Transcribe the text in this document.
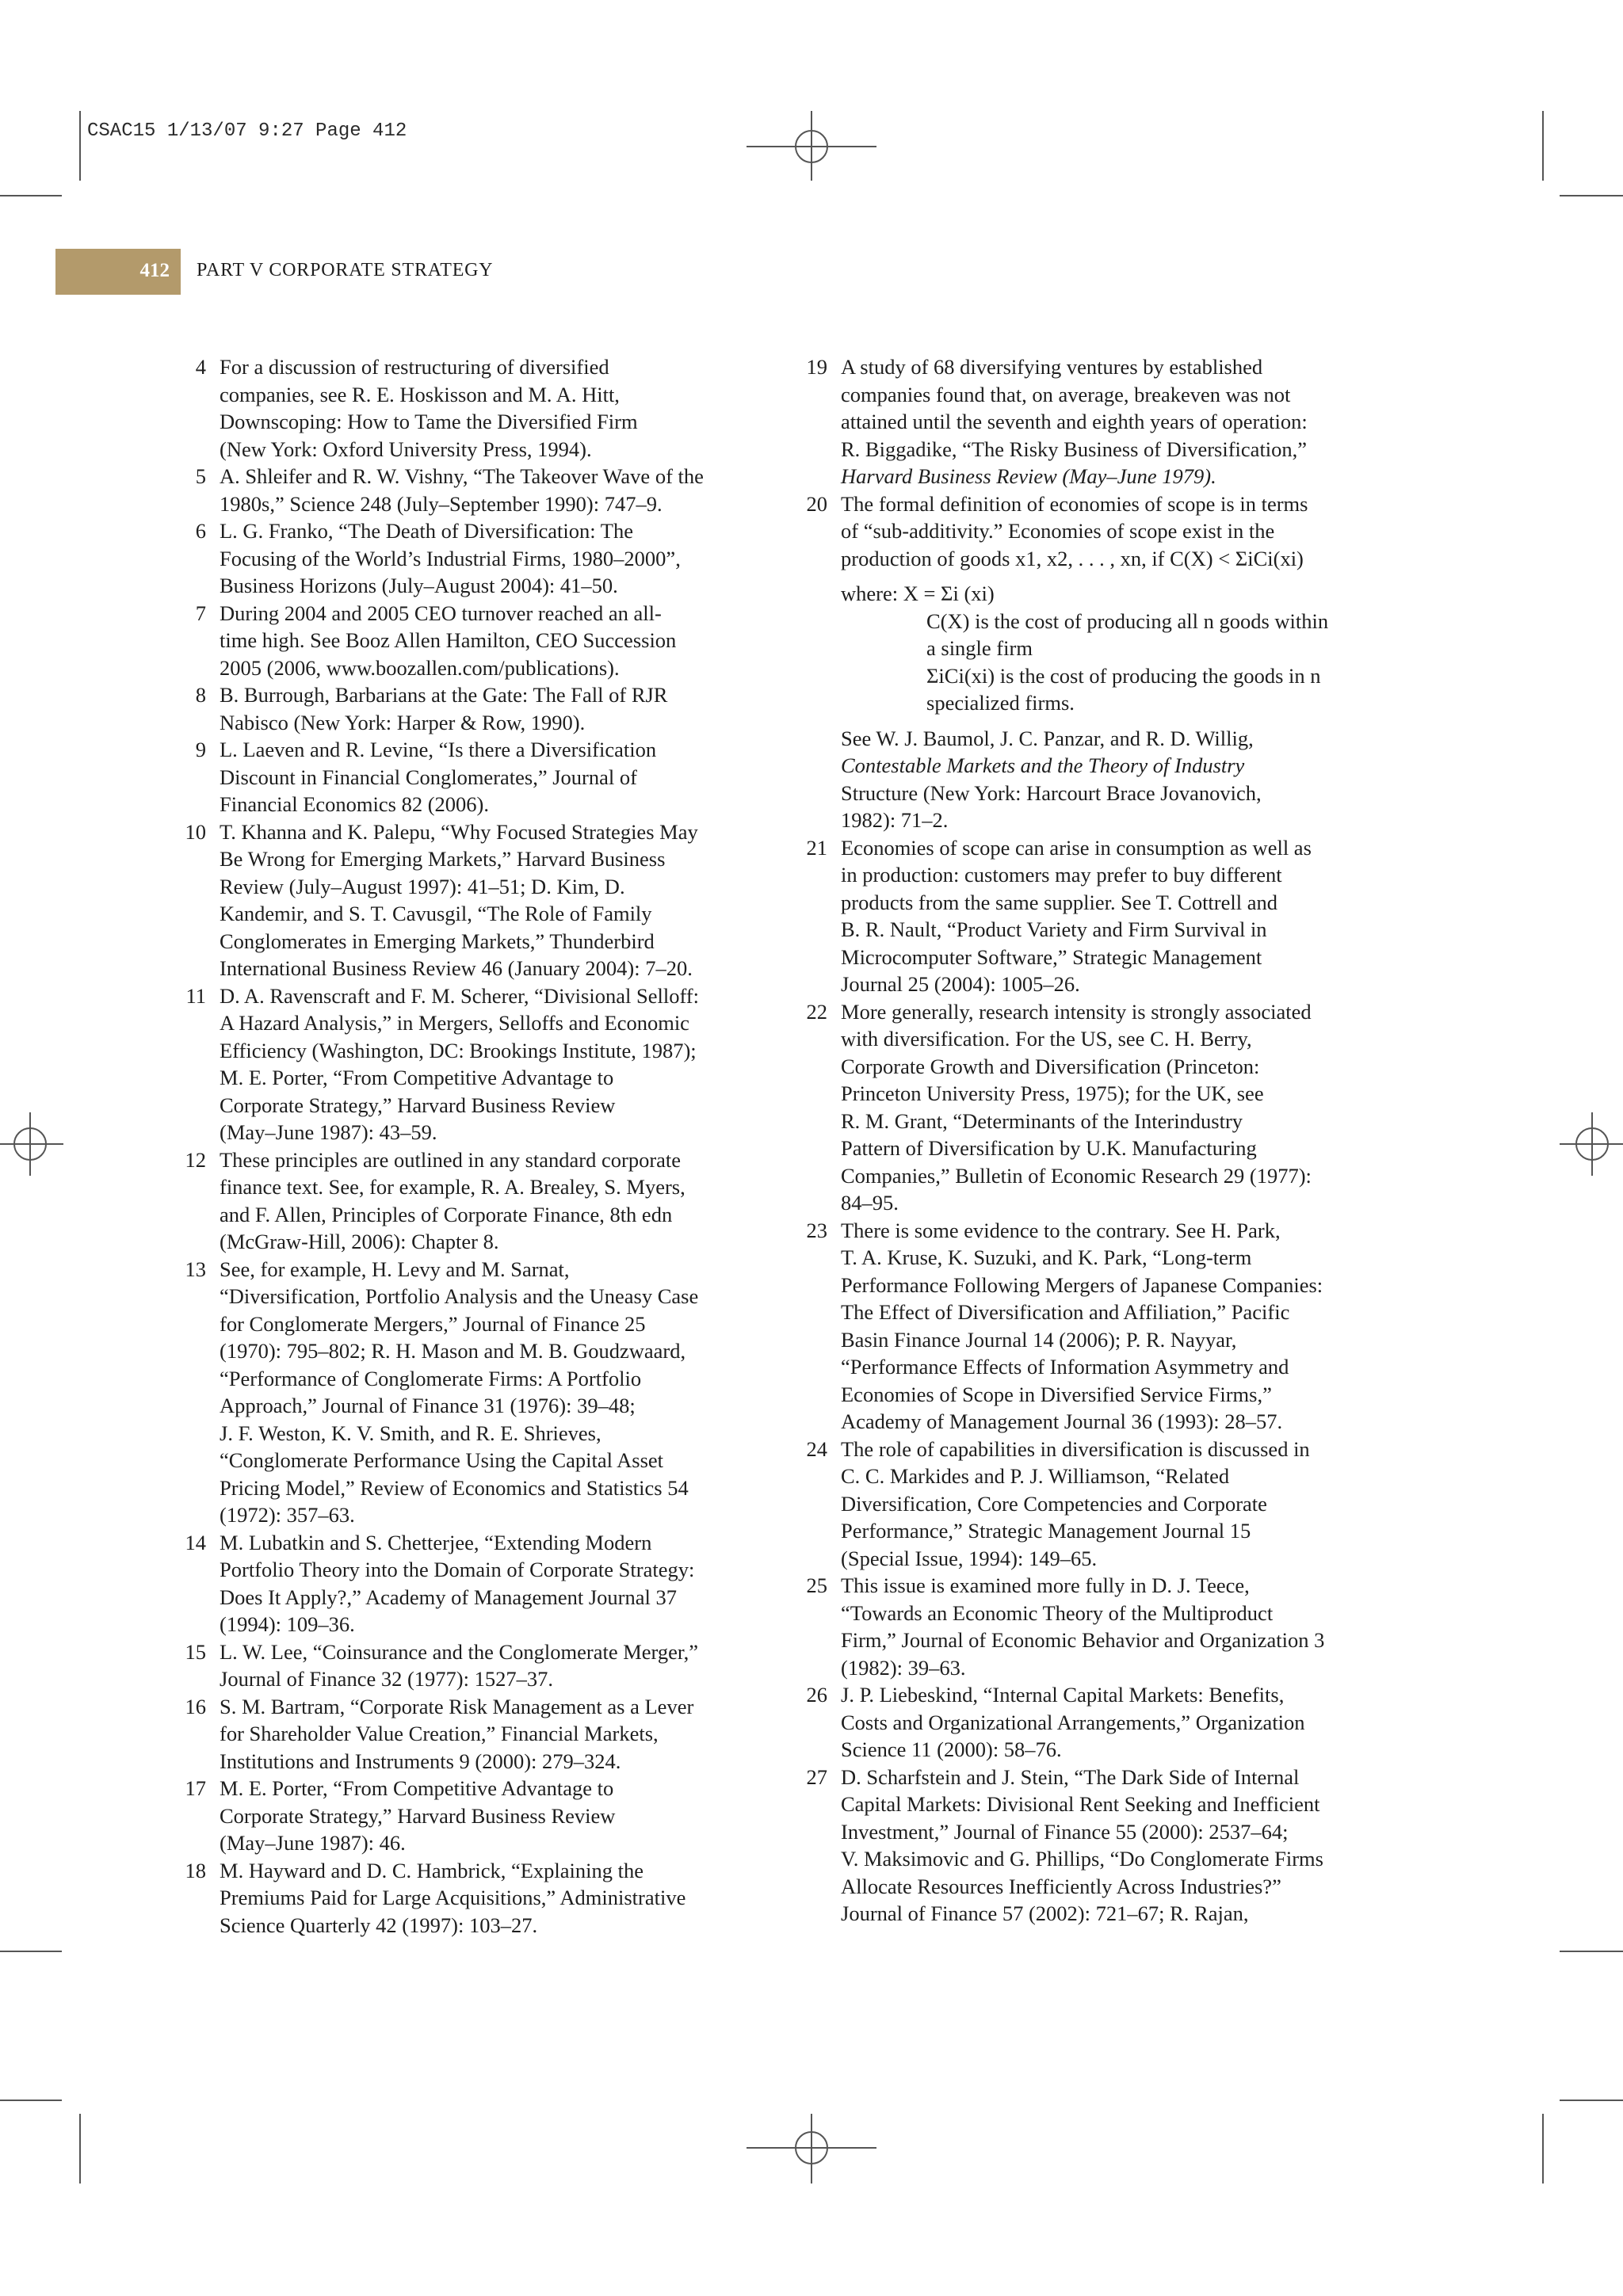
CSAC15 1/13/07 9:27 Page 412
412 PART V CORPORATE STRATEGY
4 For a discussion of restructuring of diversified
companies, see R. E. Hoskisson and M. A. Hitt,
Downscoping: How to Tame the Diversified Firm
(New York: Oxford University Press, 1994).
5 A. Shleifer and R. W. Vishny, “The Takeover Wave of the
1980s,” Science 248 (July–September 1990): 747–9.
6 L. G. Franko, “The Death of Diversification: The
Focusing of the World’s Industrial Firms, 1980–2000”,
Business Horizons (July–August 2004): 41–50.
7 During 2004 and 2005 CEO turnover reached an all-
time high. See Booz Allen Hamilton, CEO Succession
2005 (2006, www.boozallen.com/publications).
8 B. Burrough, Barbarians at the Gate: The Fall of RJR
Nabisco (New York: Harper & Row, 1990).
9 L. Laeven and R. Levine, “Is there a Diversification
Discount in Financial Conglomerates,” Journal of
Financial Economics 82 (2006).
10 T. Khanna and K. Palepu, “Why Focused Strategies May
Be Wrong for Emerging Markets,” Harvard Business
Review (July–August 1997): 41–51; D. Kim, D.
Kandemir, and S. T. Cavusgil, “The Role of Family
Conglomerates in Emerging Markets,” Thunderbird
International Business Review 46 (January 2004): 7–20.
11 D. A. Ravenscraft and F. M. Scherer, “Divisional Selloff:
A Hazard Analysis,” in Mergers, Selloffs and Economic
Efficiency (Washington, DC: Brookings Institute, 1987);
M. E. Porter, “From Competitive Advantage to
Corporate Strategy,” Harvard Business Review
(May–June 1987): 43–59.
12 These principles are outlined in any standard corporate
finance text. See, for example, R. A. Brealey, S. Myers,
and F. Allen, Principles of Corporate Finance, 8th edn
(McGraw-Hill, 2006): Chapter 8.
13 See, for example, H. Levy and M. Sarnat,
“Diversification, Portfolio Analysis and the Uneasy Case
for Conglomerate Mergers,” Journal of Finance 25
(1970): 795–802; R. H. Mason and M. B. Goudzwaard,
“Performance of Conglomerate Firms: A Portfolio
Approach,” Journal of Finance 31 (1976): 39–48;
J. F. Weston, K. V. Smith, and R. E. Shrieves,
“Conglomerate Performance Using the Capital Asset
Pricing Model,” Review of Economics and Statistics 54
(1972): 357–63.
14 M. Lubatkin and S. Chetterjee, “Extending Modern
Portfolio Theory into the Domain of Corporate Strategy:
Does It Apply?,” Academy of Management Journal 37
(1994): 109–36.
15 L. W. Lee, “Coinsurance and the Conglomerate Merger,”
Journal of Finance 32 (1977): 1527–37.
16 S. M. Bartram, “Corporate Risk Management as a Lever
for Shareholder Value Creation,” Financial Markets,
Institutions and Instruments 9 (2000): 279–324.
17 M. E. Porter, “From Competitive Advantage to
Corporate Strategy,” Harvard Business Review
(May–June 1987): 46.
18 M. Hayward and D. C. Hambrick, “Explaining the
Premiums Paid for Large Acquisitions,” Administrative
Science Quarterly 42 (1997): 103–27.
19 A study of 68 diversifying ventures by established
companies found that, on average, breakeven was not
attained until the seventh and eighth years of operation:
R. Biggadike, “The Risky Business of Diversification,”
Harvard Business Review (May–June 1979).
20 The formal definition of economies of scope is in terms
of “sub-additivity.” Economies of scope exist in the
production of goods x1, x2, . . . , xn, if C(X) < ΣiCi(xi)
where: X = Σi (xi)
C(X) is the cost of producing all n goods within
a single firm
ΣiCi(xi) is the cost of producing the goods in n
specialized firms.
See W. J. Baumol, J. C. Panzar, and R. D. Willig,
Contestable Markets and the Theory of Industry
Structure (New York: Harcourt Brace Jovanovich,
1982): 71–2.
21 Economies of scope can arise in consumption as well as
in production: customers may prefer to buy different
products from the same supplier. See T. Cottrell and
B. R. Nault, “Product Variety and Firm Survival in
Microcomputer Software,” Strategic Management
Journal 25 (2004): 1005–26.
22 More generally, research intensity is strongly associated
with diversification. For the US, see C. H. Berry,
Corporate Growth and Diversification (Princeton:
Princeton University Press, 1975); for the UK, see
R. M. Grant, “Determinants of the Interindustry
Pattern of Diversification by U.K. Manufacturing
Companies,” Bulletin of Economic Research 29 (1977):
84–95.
23 There is some evidence to the contrary. See H. Park,
T. A. Kruse, K. Suzuki, and K. Park, “Long-term
Performance Following Mergers of Japanese Companies:
The Effect of Diversification and Affiliation,” Pacific
Basin Finance Journal 14 (2006); P. R. Nayyar,
“Performance Effects of Information Asymmetry and
Economies of Scope in Diversified Service Firms,”
Academy of Management Journal 36 (1993): 28–57.
24 The role of capabilities in diversification is discussed in
C. C. Markides and P. J. Williamson, “Related
Diversification, Core Competencies and Corporate
Performance,” Strategic Management Journal 15
(Special Issue, 1994): 149–65.
25 This issue is examined more fully in D. J. Teece,
“Towards an Economic Theory of the Multiproduct
Firm,” Journal of Economic Behavior and Organization 3
(1982): 39–63.
26 J. P. Liebeskind, “Internal Capital Markets: Benefits,
Costs and Organizational Arrangements,” Organization
Science 11 (2000): 58–76.
27 D. Scharfstein and J. Stein, “The Dark Side of Internal
Capital Markets: Divisional Rent Seeking and Inefficient
Investment,” Journal of Finance 55 (2000): 2537–64;
V. Maksimovic and G. Phillips, “Do Conglomerate Firms
Allocate Resources Inefficiently Across Industries?”
Journal of Finance 57 (2002): 721–67; R. Rajan,
